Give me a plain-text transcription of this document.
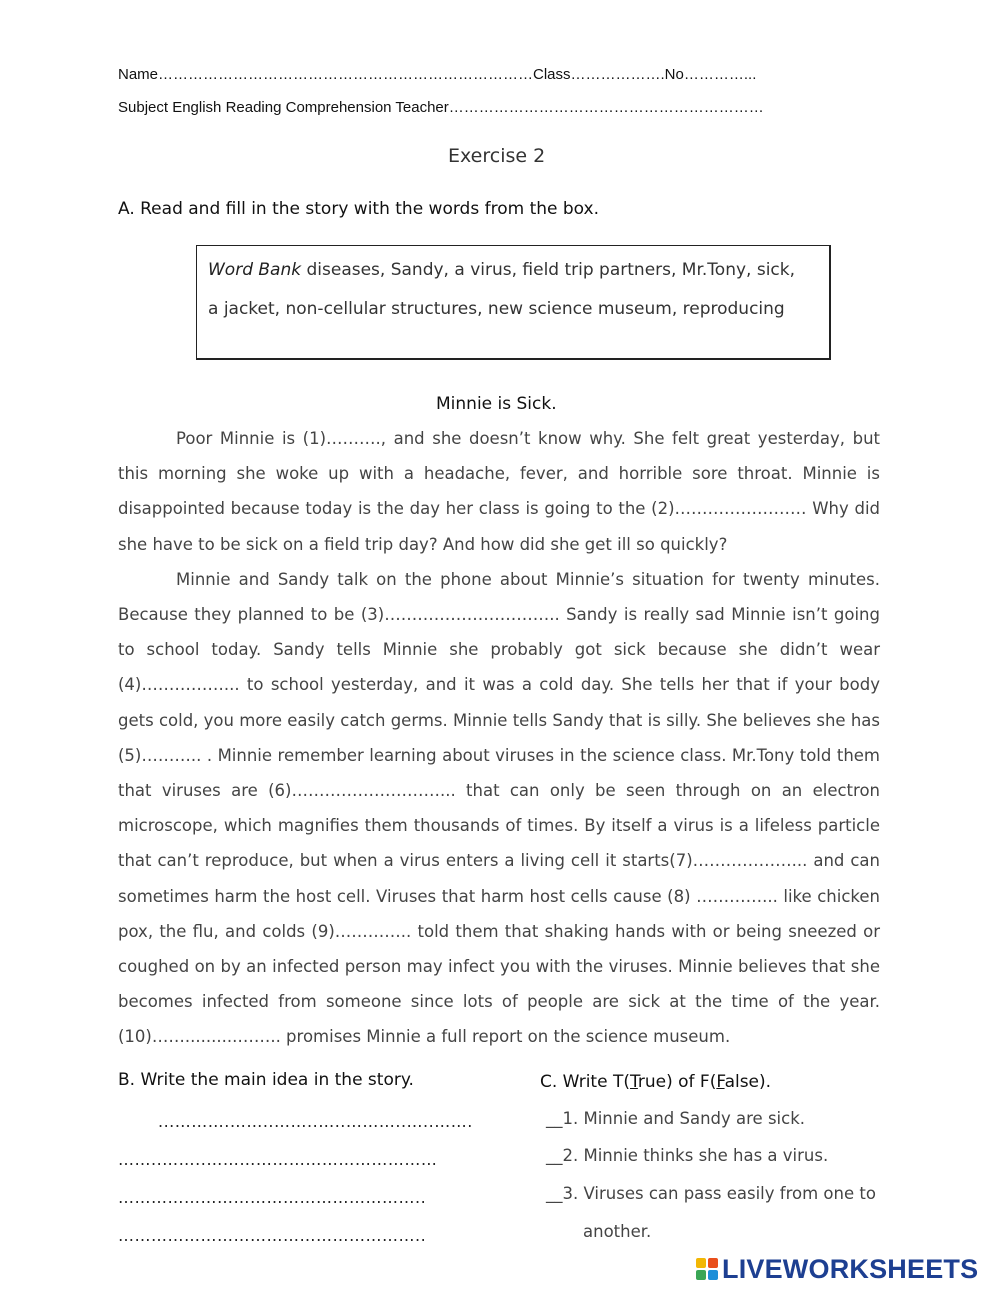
Name…………………………………………………………………Class……………….No…………...
Subject English Reading Comprehension Teacher………………………………………………………
Exercise 2
A. Read and fill in the story with the words from the box.
Word Bank diseases, Sandy, a virus, field trip partners, Mr.Tony, sick,
a jacket, non-cellular structures, new science museum, reproducing
Minnie is Sick.

Poor Minnie is (1)………., and she doesn’t know why. She felt great yesterday, but this morning she woke up with a headache, fever, and horrible sore throat. Minnie is disappointed because today is the day her class is going to the (2)…………………… Why did she have to be sick on a field trip day? And how did she get ill so quickly?

Minnie and Sandy talk on the phone about Minnie’s situation for twenty minutes. Because they planned to be (3)………………………….. Sandy is really sad Minnie isn’t going to school today. Sandy tells Minnie she probably got sick because she didn’t wear (4)……………... to school yesterday, and it was a cold day. She tells her that if your body gets cold, you more easily catch germs. Minnie tells Sandy that is silly. She believes she has (5)……….. . Minnie remember learning about viruses in the science class. Mr.Tony told them that viruses are (6)………………………... that can only be seen through on an electron microscope, which magnifies them thousands of times. By itself a virus is a lifeless particle that can’t reproduce, but when a virus enters a living cell it starts(7)………………... and can sometimes harm the host cell. Viruses that harm host cells cause (8) …………... like chicken pox, the flu, and colds (9)………….. told them that shaking hands with or being sneezed or coughed on by an infected person may infect you with the viruses. Minnie believes that she becomes infected from someone since lots of people are sick at the time of the year. (10)……..........…….. promises Minnie a full report on the science museum.

B. Write the main idea in the story.
...……….……..……..…..………..…..…….
……..……..……………………………………
………………………………………………..
………………………………………………..
C. Write T(True) of F(False).
__1. Minnie and Sandy are sick.
__2. Minnie thinks she has a virus.
__3. Viruses can pass easily from one to
another.
LIVEWORKSHEETS
